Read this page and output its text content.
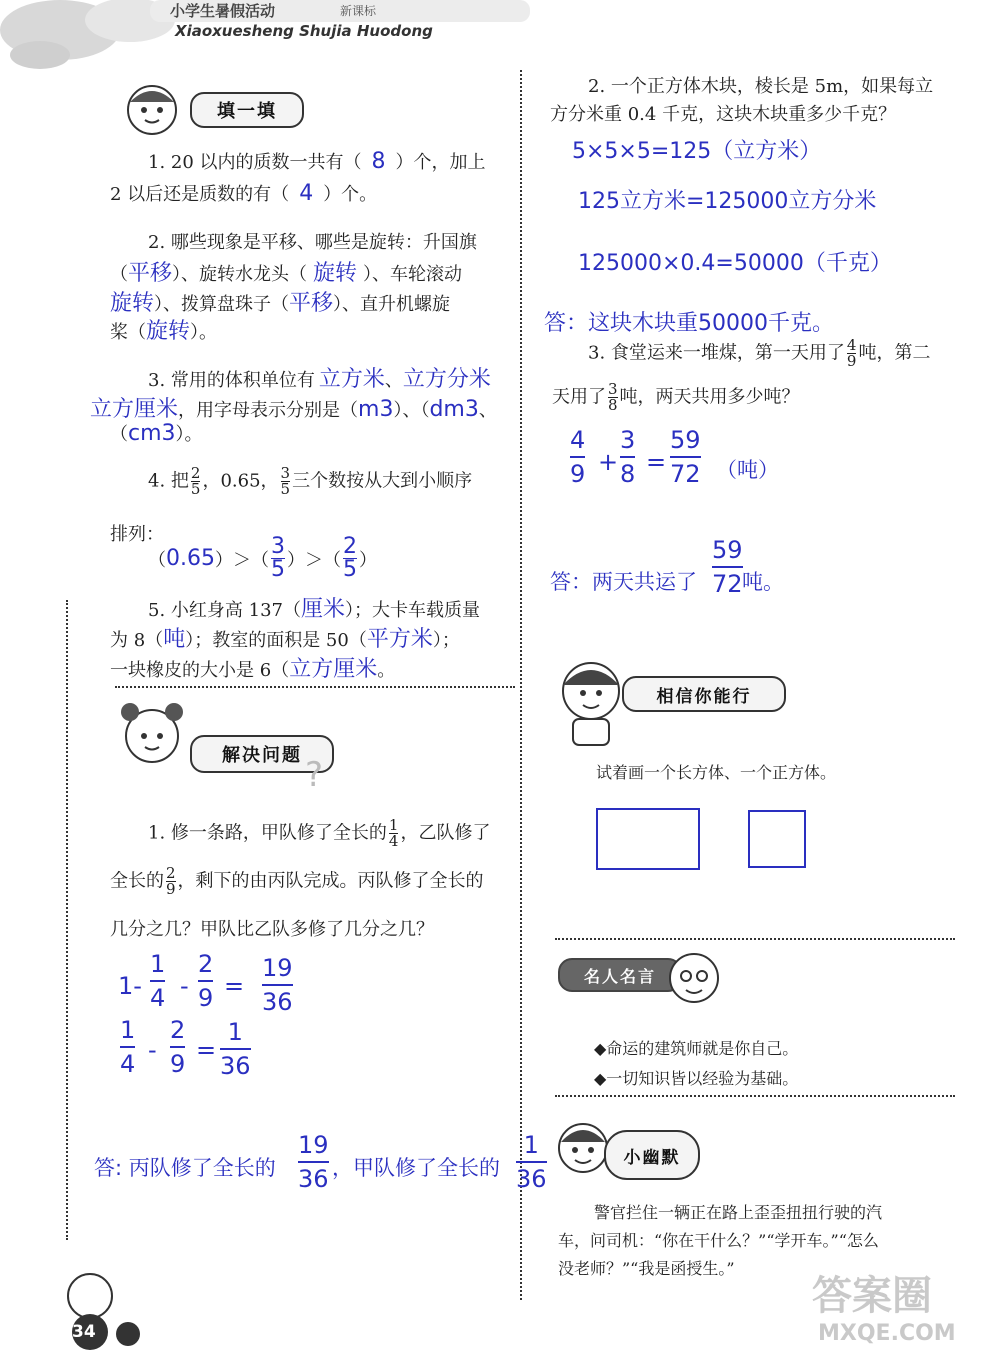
小学生暑假活动	新课标
Xiaoxuesheng Shujia Huodong
填一填
1. 20 以内的质数一共有（ 8 ）个，加上
2 以后还是质数的有（ 4 ）个。
2. 哪些现象是平移、哪些是旋转：升国旗
（平移）、旋转水龙头（ 旋转 ）、车轮滚动
旋转）、拨算盘珠子（平移）、直升机螺旋
桨（旋转）。
3. 常用的体积单位有 立方米、立方分米
立方厘米，用字母表示分别是（m3）、（dm3、
（cm3）。
4. 把 $\frac{2}{5}$ ，0.65， $\frac{3}{5}$ 三个数按从大到小顺序
排列：
（ 0.65 ）＞（ $\frac{3}{5}$ ）＞（ $\frac{2}{5}$ ）
5. 小红身高 137（厘米）；大卡车载质量
为 8（吨）；教室的面积是 50（平方米）；
一块橡皮的大小是 6（立方厘米。
解决问题 ?
1. 修一条路，甲队修了全长的 $\frac{1}{4}$ ，乙队修了
全长的 $\frac{2}{9}$ ，剩下的由丙队完成。丙队修了全长的
几分之几？甲队比乙队多修了几分之几？
1-
1
4 -
2
9 =
19
36
1
4 -
2
9 =
1
36
答: 丙队修了全长的
19
36 ，甲队修了全长的
1
36
2. 一个正方体木块，棱长是 5m，如果每立
方分米重 0.4 千克，这块木块重多少千克？
5×5×5=125（立方米）
125立方米=125000立方分米
125000×0.4=50000（千克）
答：这块木块重50000千克。
3. 食堂运来一堆煤，第一天用了 $\frac{4}{9}$ 吨，第二
天用了 $\frac{3}{8}$ 吨，两天共用多少吨？
4
9 +
3
8 =
59
72 （吨）
答：两天共运了
59
72 吨。
相信你能行
试着画一个长方体、一个正方体。
名人名言
◆命运的建筑师就是你自己。
◆一切知识皆以经验为基础。
小幽默
警官拦住一辆正在路上歪歪扭扭行驶的汽
车，问司机：“你在干什么？”“学开车。”“怎么
没老师？”“我是函授生。”
34
答案圈
MXQE.COM
